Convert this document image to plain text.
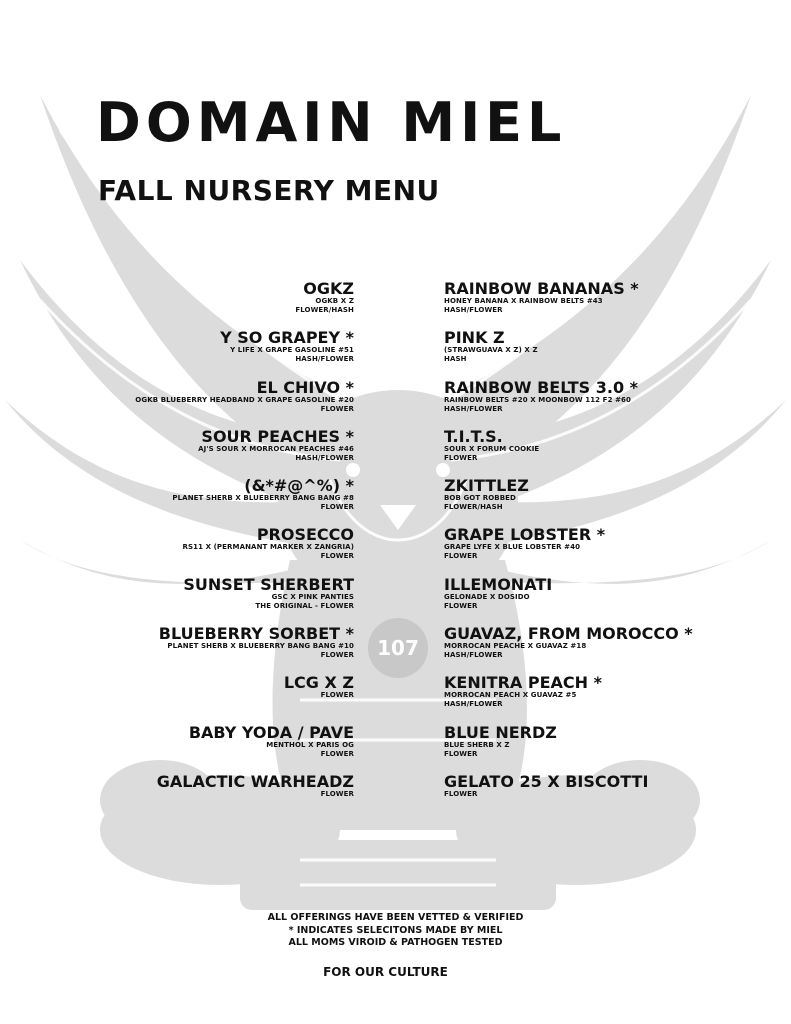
107
DOMAIN MIEL
FALL NURSERY MENU
OGKZ
OGKB X Z
FLOWER/HASH
Y SO GRAPEY *
Y LIFE X GRAPE GASOLINE #51
HASH/FLOWER
EL CHIVO *
OGKB BLUEBERRY HEADBAND X GRAPE GASOLINE #20
FLOWER
SOUR PEACHES *
AJ'S SOUR X MORROCAN PEACHES #46
HASH/FLOWER
(&*#@^%) *
PLANET SHERB X BLUEBERRY BANG BANG #8
FLOWER
PROSECCO
RS11 X (PERMANANT MARKER X ZANGRIA)
FLOWER
SUNSET SHERBERT
GSC X PINK PANTIES
THE ORIGINAL - FLOWER
BLUEBERRY SORBET *
PLANET SHERB X BLUEBERRY BANG BANG #10
FLOWER
LCG X Z
FLOWER
BABY YODA / PAVE
MENTHOL X PARIS OG
FLOWER
GALACTIC WARHEADZ
FLOWER
RAINBOW BANANAS *
HONEY BANANA X RAINBOW BELTS #43
HASH/FLOWER
PINK Z
(STRAWGUAVA X Z) X Z
HASH
RAINBOW BELTS 3.0 *
RAINBOW BELTS #20 X MOONBOW 112 F2 #60
HASH/FLOWER
T.I.T.S.
SOUR X FORUM COOKIE
FLOWER
ZKITTLEZ
BOB GOT ROBBED
FLOWER/HASH
GRAPE LOBSTER *
GRAPE LYFE X BLUE LOBSTER #40
FLOWER
ILLEMONATI
GELONADE X DOSIDO
FLOWER
GUAVAZ, FROM MOROCCO *
MORROCAN PEACHE X GUAVAZ #18
HASH/FLOWER
KENITRA PEACH *
MORROCAN PEACH X GUAVAZ #5
HASH/FLOWER
BLUE NERDZ
BLUE SHERB X Z
FLOWER
GELATO 25 X BISCOTTI
FLOWER
ALL OFFERINGS HAVE BEEN VETTED & VERIFIED
* INDICATES SELECITONS MADE BY MIEL
ALL MOMS VIROID & PATHOGEN TESTED
FOR OUR CULTURE
